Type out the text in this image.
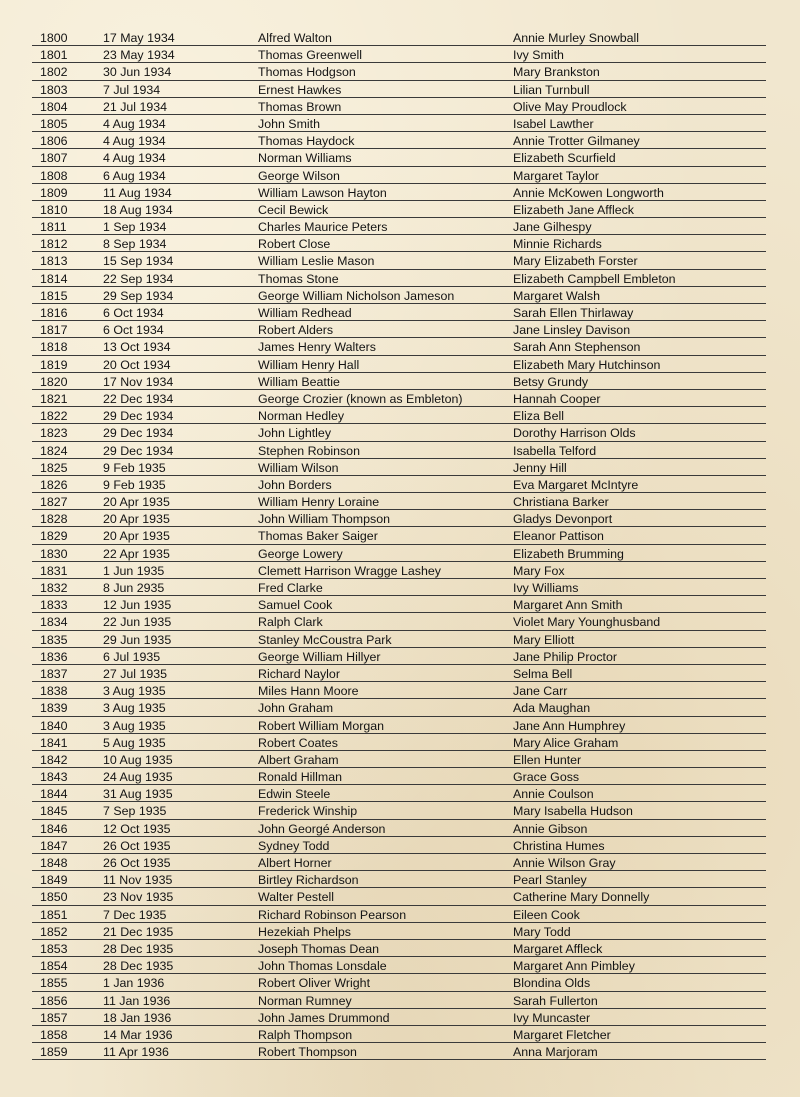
1800	17 May 1934	Alfred Walton	Annie Murley Snowball
1801	23 May 1934	Thomas Greenwell	Ivy Smith
1802	30 Jun 1934	Thomas Hodgson	Mary Brankston
1803	7 Jul 1934	Ernest Hawkes	Lilian Turnbull
1804	21 Jul 1934	Thomas Brown	Olive May Proudlock
1805	4 Aug 1934	John Smith	Isabel Lawther
1806	4 Aug 1934	Thomas Haydock	Annie Trotter Gilmaney
1807	4 Aug 1934	Norman Williams	Elizabeth Scurfield
1808	6 Aug 1934	George Wilson	Margaret Taylor
1809	11 Aug 1934	William Lawson Hayton	Annie McKowen Longworth
1810	18 Aug 1934	Cecil Bewick	Elizabeth Jane Affleck
1811	1 Sep 1934	Charles Maurice Peters	Jane Gilhespy
1812	8 Sep 1934	Robert Close	Minnie Richards
1813	15 Sep 1934	William Leslie Mason	Mary Elizabeth Forster
1814	22 Sep 1934	Thomas Stone	Elizabeth Campbell Embleton
1815	29 Sep 1934	George William Nicholson Jameson	Margaret Walsh
1816	6 Oct 1934	William Redhead	Sarah Ellen Thirlaway
1817	6 Oct 1934	Robert Alders	Jane Linsley Davison
1818	13 Oct 1934	James Henry Walters	Sarah Ann Stephenson
1819	20 Oct 1934	William Henry Hall	Elizabeth Mary Hutchinson
1820	17 Nov 1934	William Beattie	Betsy Grundy
1821	22 Dec 1934	George Crozier (known as Embleton)	Hannah Cooper
1822	29 Dec 1934	Norman Hedley	Eliza Bell
1823	29 Dec 1934	John Lightley	Dorothy Harrison Olds
1824	29 Dec 1934	Stephen Robinson	Isabella Telford
1825	9 Feb 1935	William Wilson	Jenny Hill
1826	9 Feb 1935	John Borders	Eva Margaret McIntyre
1827	20 Apr 1935	William Henry Loraine	Christiana Barker
1828	20 Apr 1935	John William Thompson	Gladys Devonport
1829	20 Apr 1935	Thomas Baker Saiger	Eleanor Pattison
1830	22 Apr 1935	George Lowery	Elizabeth Brumming
1831	1 Jun 1935	Clemett Harrison Wragge Lashey	Mary Fox
1832	8 Jun 2935	Fred Clarke	Ivy Williams
1833	12 Jun 1935	Samuel Cook	Margaret Ann Smith
1834	22 Jun 1935	Ralph Clark	Violet Mary Younghusband
1835	29 Jun 1935	Stanley McCoustra Park	Mary Elliott
1836	6 Jul 1935	George William Hillyer	Jane Philip Proctor
1837	27 Jul 1935	Richard Naylor	Selma Bell
1838	3 Aug 1935	Miles Hann Moore	Jane Carr
1839	3 Aug 1935	John Graham	Ada Maughan
1840	3 Aug 1935	Robert William Morgan	Jane Ann Humphrey
1841	5 Aug 1935	Robert Coates	Mary Alice Graham
1842	10 Aug 1935	Albert Graham	Ellen Hunter
1843	24 Aug 1935	Ronald Hillman	Grace Goss
1844	31 Aug 1935	Edwin Steele	Annie Coulson
1845	7 Sep 1935	Frederick Winship	Mary Isabella Hudson
1846	12 Oct 1935	John Georgé Anderson	Annie Gibson
1847	26 Oct 1935	Sydney Todd	Christina Humes
1848	26 Oct 1935	Albert Horner	Annie Wilson Gray
1849	11 Nov 1935	Birtley Richardson	Pearl Stanley
1850	23 Nov 1935	Walter Pestell	Catherine Mary Donnelly
1851	7 Dec 1935	Richard Robinson Pearson	Eileen Cook
1852	21 Dec 1935	Hezekiah Phelps	Mary Todd
1853	28 Dec 1935	Joseph Thomas Dean	Margaret Affleck
1854	28 Dec 1935	John Thomas Lonsdale	Margaret Ann Pimbley
1855	1 Jan 1936	Robert Oliver Wright	Blondina Olds
1856	11 Jan 1936	Norman Rumney	Sarah Fullerton
1857	18 Jan 1936	John James Drummond	Ivy Muncaster
1858	14 Mar 1936	Ralph Thompson	Margaret Fletcher
1859	11 Apr 1936	Robert Thompson	Anna Marjoram
